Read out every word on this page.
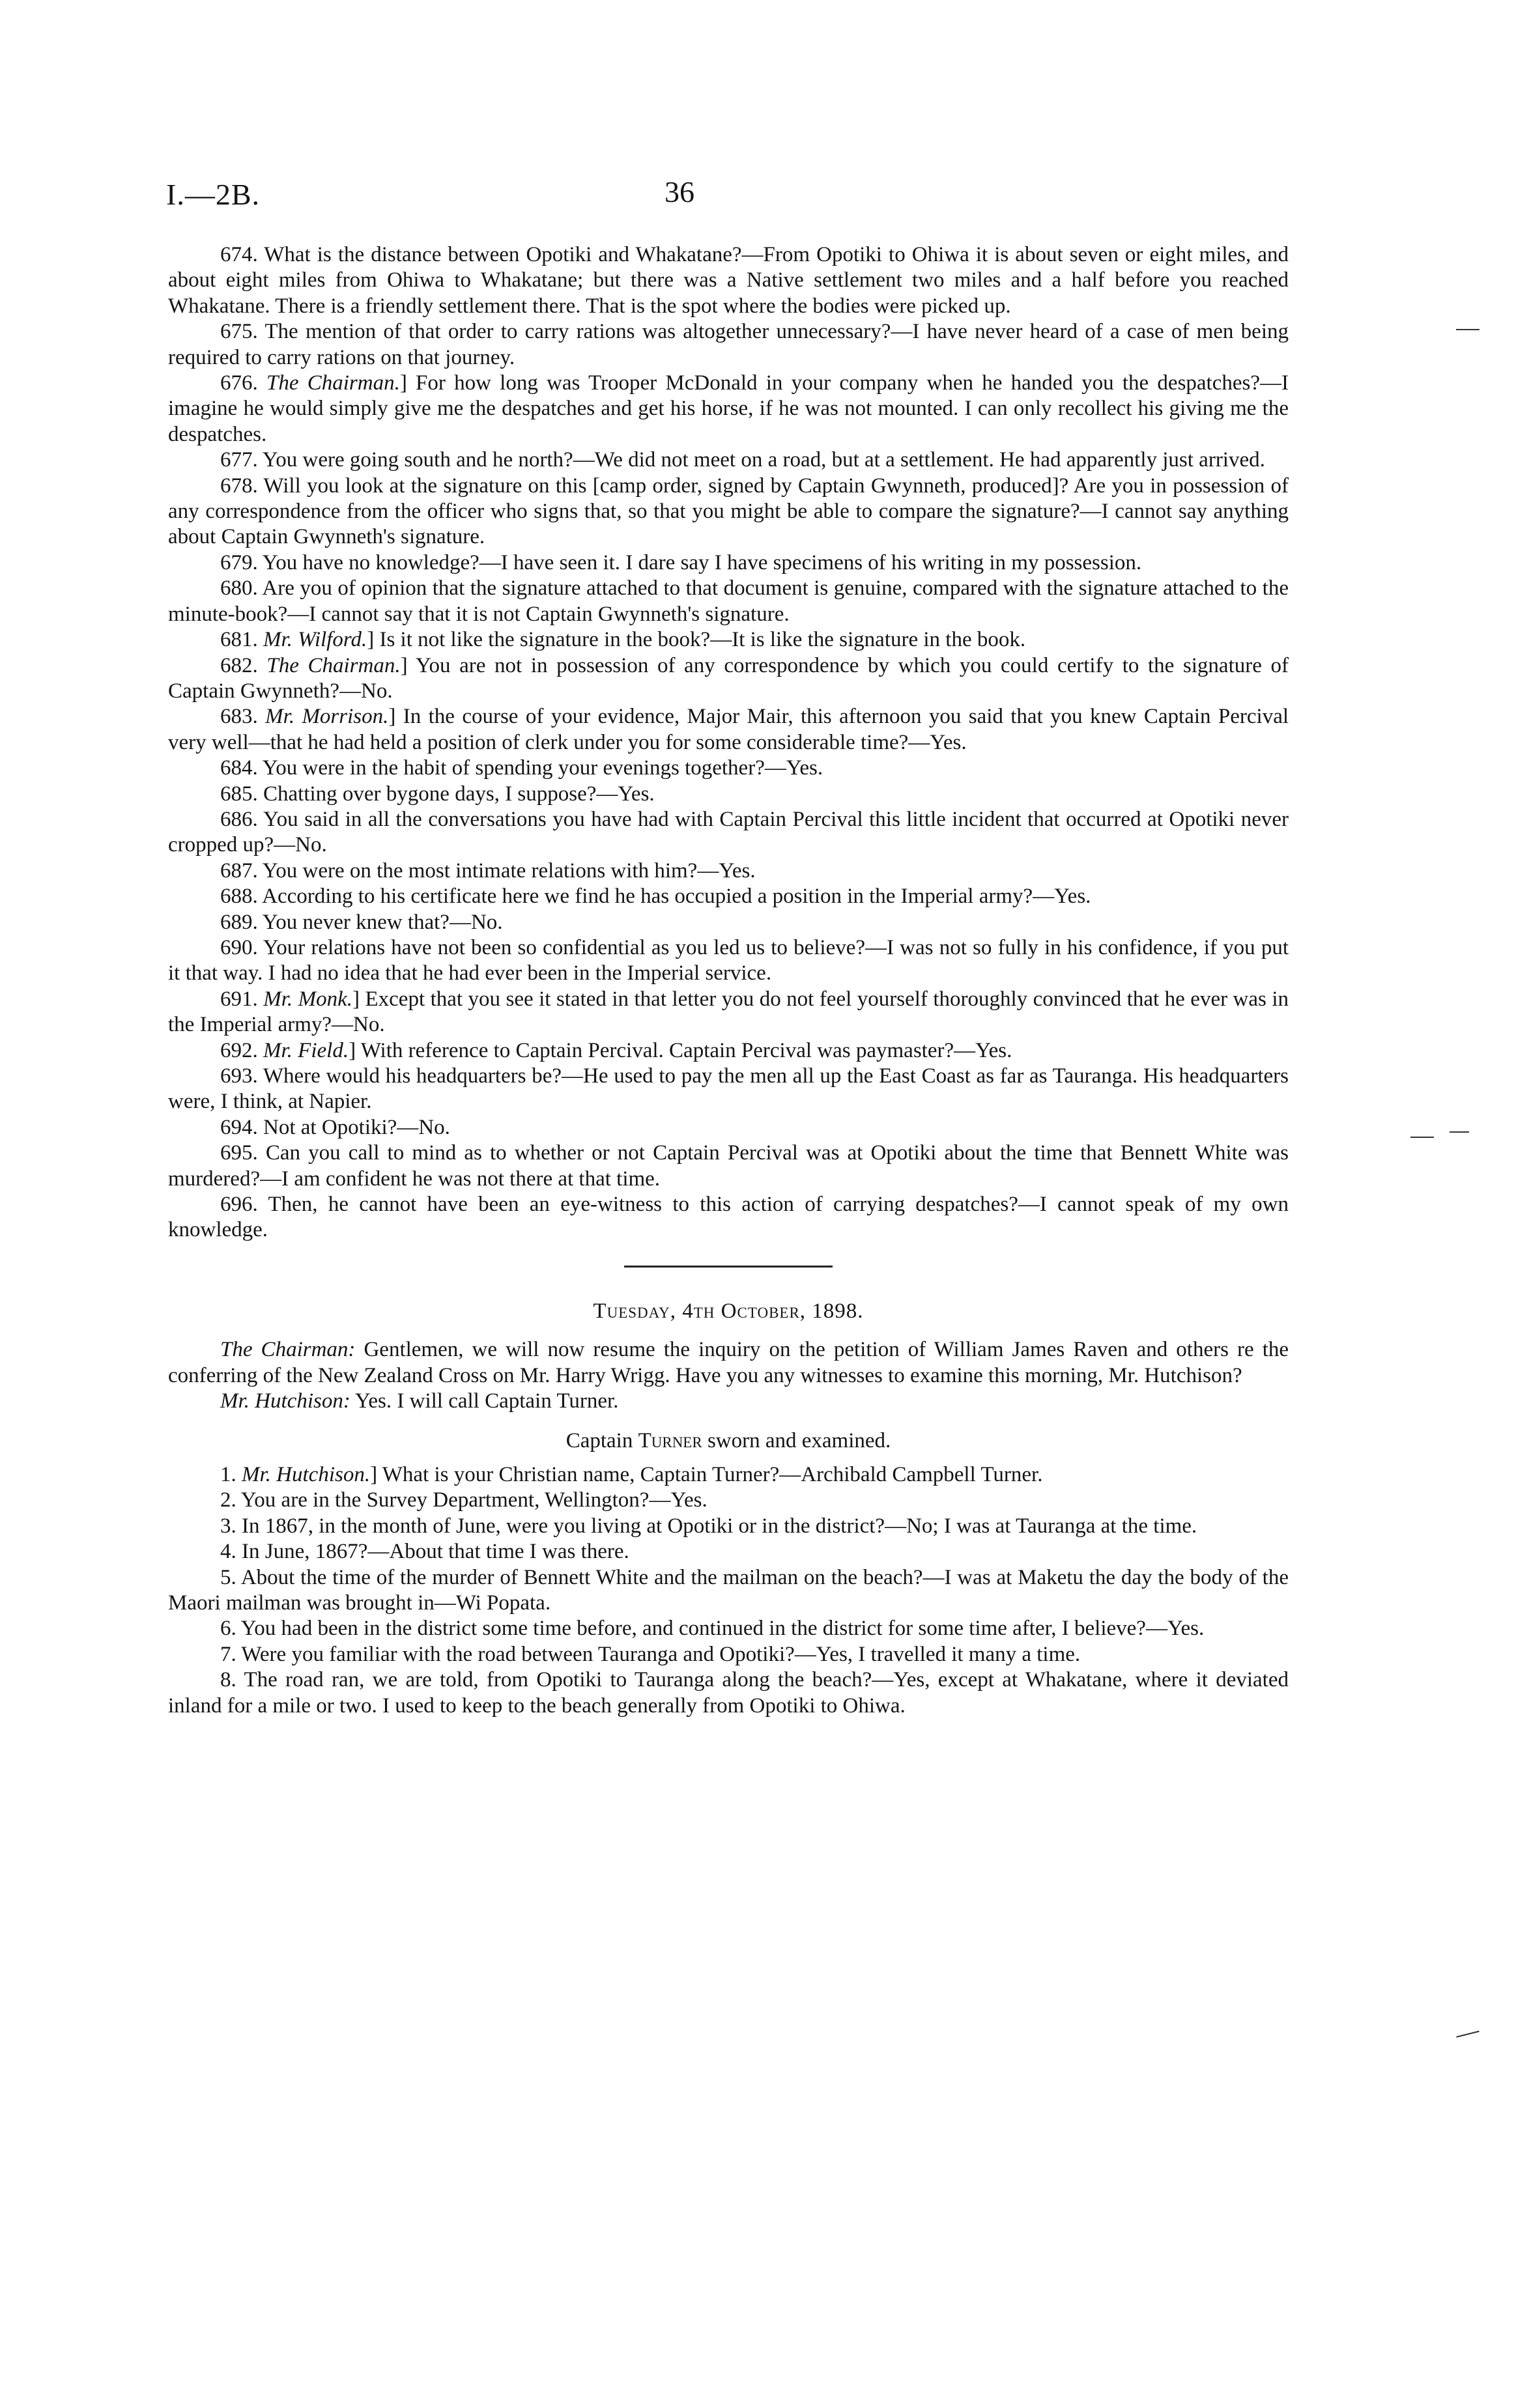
I.—2B.	36

674. What is the distance between Opotiki and Whakatane?—From Opotiki to Ohiwa it is about seven or eight miles, and about eight miles from Ohiwa to Whakatane; but there was a Native settlement two miles and a half before you reached Whakatane. There is a friendly settlement there. That is the spot where the bodies were picked up.

675. The mention of that order to carry rations was altogether unnecessary?—I have never heard of a case of men being required to carry rations on that journey.

676. The Chairman.] For how long was Trooper McDonald in your company when he handed you the despatches?—I imagine he would simply give me the despatches and get his horse, if he was not mounted. I can only recollect his giving me the despatches.

677. You were going south and he north?—We did not meet on a road, but at a settlement. He had apparently just arrived.

678. Will you look at the signature on this [camp order, signed by Captain Gwynneth, produced]? Are you in possession of any correspondence from the officer who signs that, so that you might be able to compare the signature?—I cannot say anything about Captain Gwynneth's signature.

679. You have no knowledge?—I have seen it. I dare say I have specimens of his writing in my possession.

680. Are you of opinion that the signature attached to that document is genuine, compared with the signature attached to the minute-book?—I cannot say that it is not Captain Gwynneth's signature.

681. Mr. Wilford.] Is it not like the signature in the book?—It is like the signature in the book.

682. The Chairman.] You are not in possession of any correspondence by which you could certify to the signature of Captain Gwynneth?—No.

683. Mr. Morrison.] In the course of your evidence, Major Mair, this afternoon you said that you knew Captain Percival very well—that he had held a position of clerk under you for some considerable time?—Yes.

684. You were in the habit of spending your evenings together?—Yes.

685. Chatting over bygone days, I suppose?—Yes.

686. You said in all the conversations you have had with Captain Percival this little incident that occurred at Opotiki never cropped up?—No.

687. You were on the most intimate relations with him?—Yes.

688. According to his certificate here we find he has occupied a position in the Imperial army?—Yes.

689. You never knew that?—No.

690. Your relations have not been so confidential as you led us to believe?—I was not so fully in his confidence, if you put it that way. I had no idea that he had ever been in the Imperial service.

691. Mr. Monk.] Except that you see it stated in that letter you do not feel yourself thoroughly convinced that he ever was in the Imperial army?—No.

692. Mr. Field.] With reference to Captain Percival. Captain Percival was paymaster?—Yes.

693. Where would his headquarters be?—He used to pay the men all up the East Coast as far as Tauranga. His headquarters were, I think, at Napier.

694. Not at Opotiki?—No.

695. Can you call to mind as to whether or not Captain Percival was at Opotiki about the time that Bennett White was murdered?—I am confident he was not there at that time.

696. Then, he cannot have been an eye-witness to this action of carrying despatches?—I cannot speak of my own knowledge.

Tuesday, 4th October, 1898.

The Chairman: Gentlemen, we will now resume the inquiry on the petition of William James Raven and others re the conferring of the New Zealand Cross on Mr. Harry Wrigg. Have you any witnesses to examine this morning, Mr. Hutchison?

Mr. Hutchison: Yes. I will call Captain Turner.

Captain Turner sworn and examined.

1. Mr. Hutchison.] What is your Christian name, Captain Turner?—Archibald Campbell Turner.

2. You are in the Survey Department, Wellington?—Yes.

3. In 1867, in the month of June, were you living at Opotiki or in the district?—No; I was at Tauranga at the time.

4. In June, 1867?—About that time I was there.

5. About the time of the murder of Bennett White and the mailman on the beach?—I was at Maketu the day the body of the Maori mailman was brought in—Wi Popata.

6. You had been in the district some time before, and continued in the district for some time after, I believe?—Yes.

7. Were you familiar with the road between Tauranga and Opotiki?—Yes, I travelled it many a time.

8. The road ran, we are told, from Opotiki to Tauranga along the beach?—Yes, except at Whakatane, where it deviated inland for a mile or two. I used to keep to the beach generally from Opotiki to Ohiwa.
